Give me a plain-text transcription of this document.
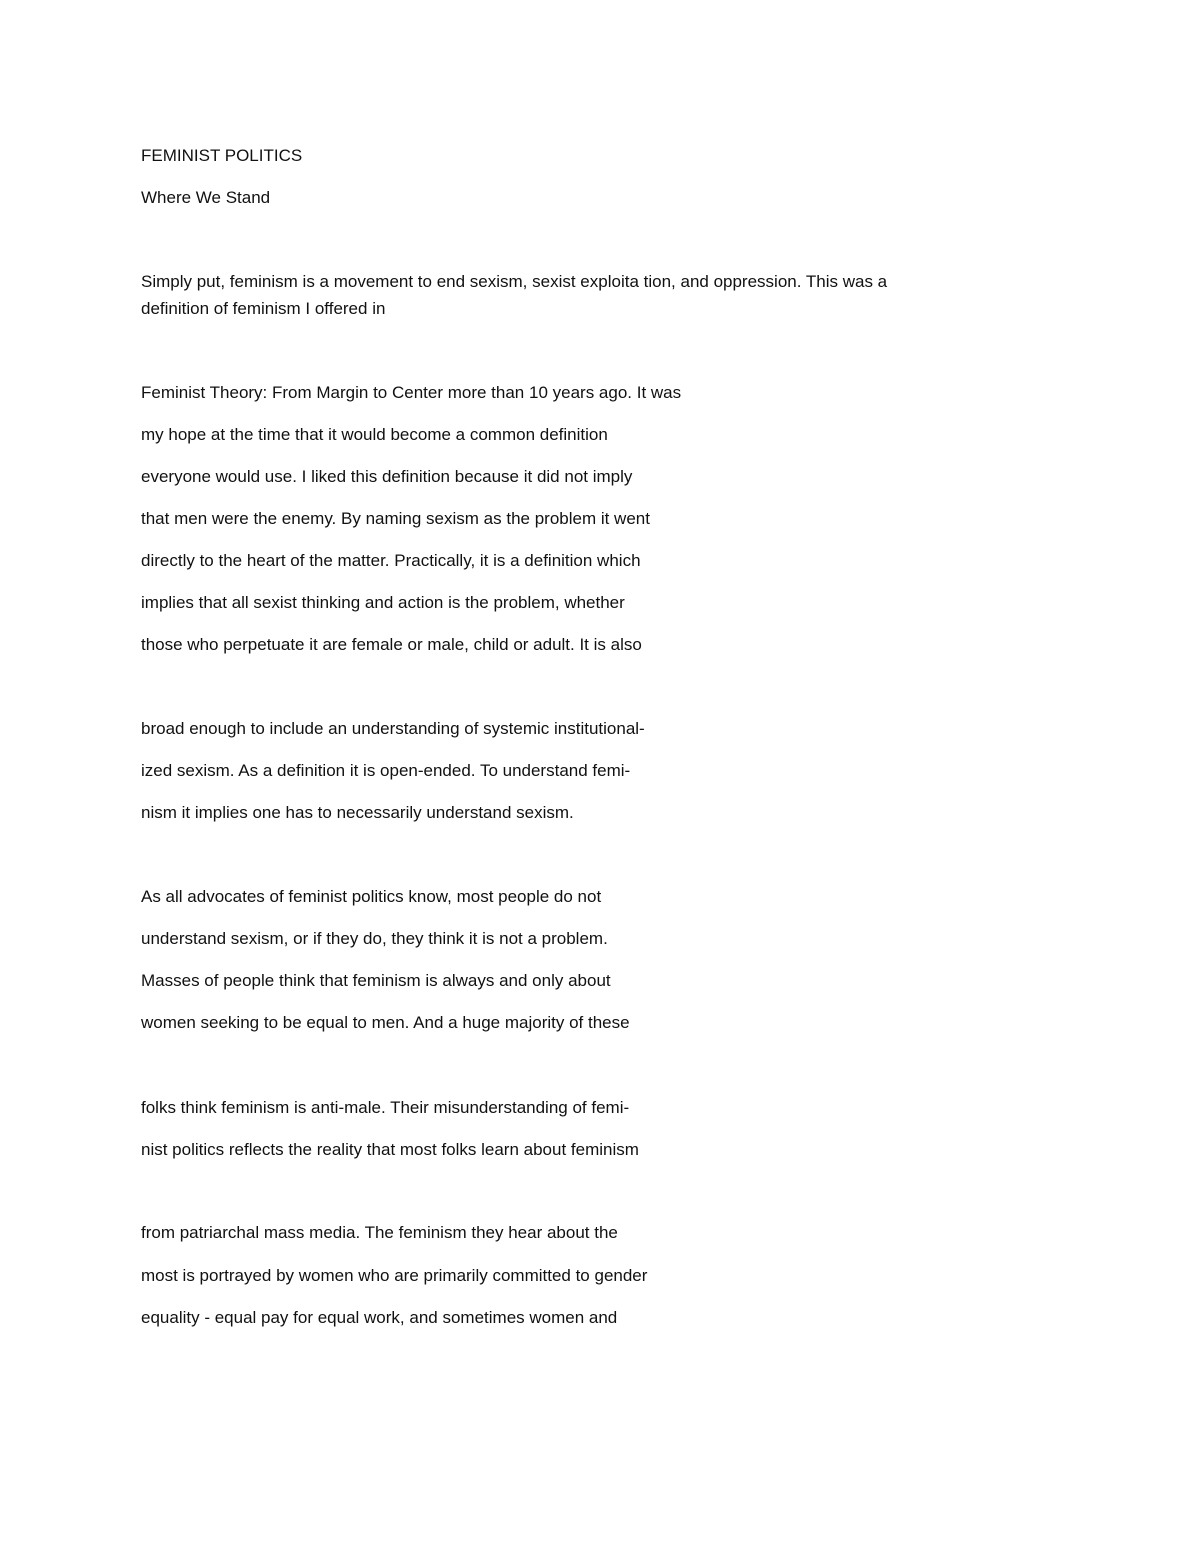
FEMINIST POLITICS
Where We Stand
Simply put, feminism is a movement to end sexism, sexist exploita tion, and oppression. This was a
definition of feminism I offered in
Feminist Theory: From Margin to Center more than 10 years ago. It was
my hope at the time that it would become a common definition
everyone would use. I liked this definition because it did not imply
that men were the enemy. By naming sexism as the problem it went
directly to the heart of the matter. Practically, it is a definition which
implies that all sexist thinking and action is the problem, whether
those who perpetuate it are female or male, child or adult. It is also
broad enough to include an understanding of systemic institutional-
ized sexism. As a definition it is open-ended. To understand femi-
nism it implies one has to necessarily understand sexism.
As all advocates of feminist politics know, most people do not
understand sexism, or if they do, they think it is not a problem.
Masses of people think that feminism is always and only about
women seeking to be equal to men. And a huge majority of these
folks think feminism is anti-male. Their misunderstanding of femi-
nist politics reflects the reality that most folks learn about feminism
from patriarchal mass media. The feminism they hear about the
most is portrayed by women who are primarily committed to gender
equality - equal pay for equal work, and sometimes women and
